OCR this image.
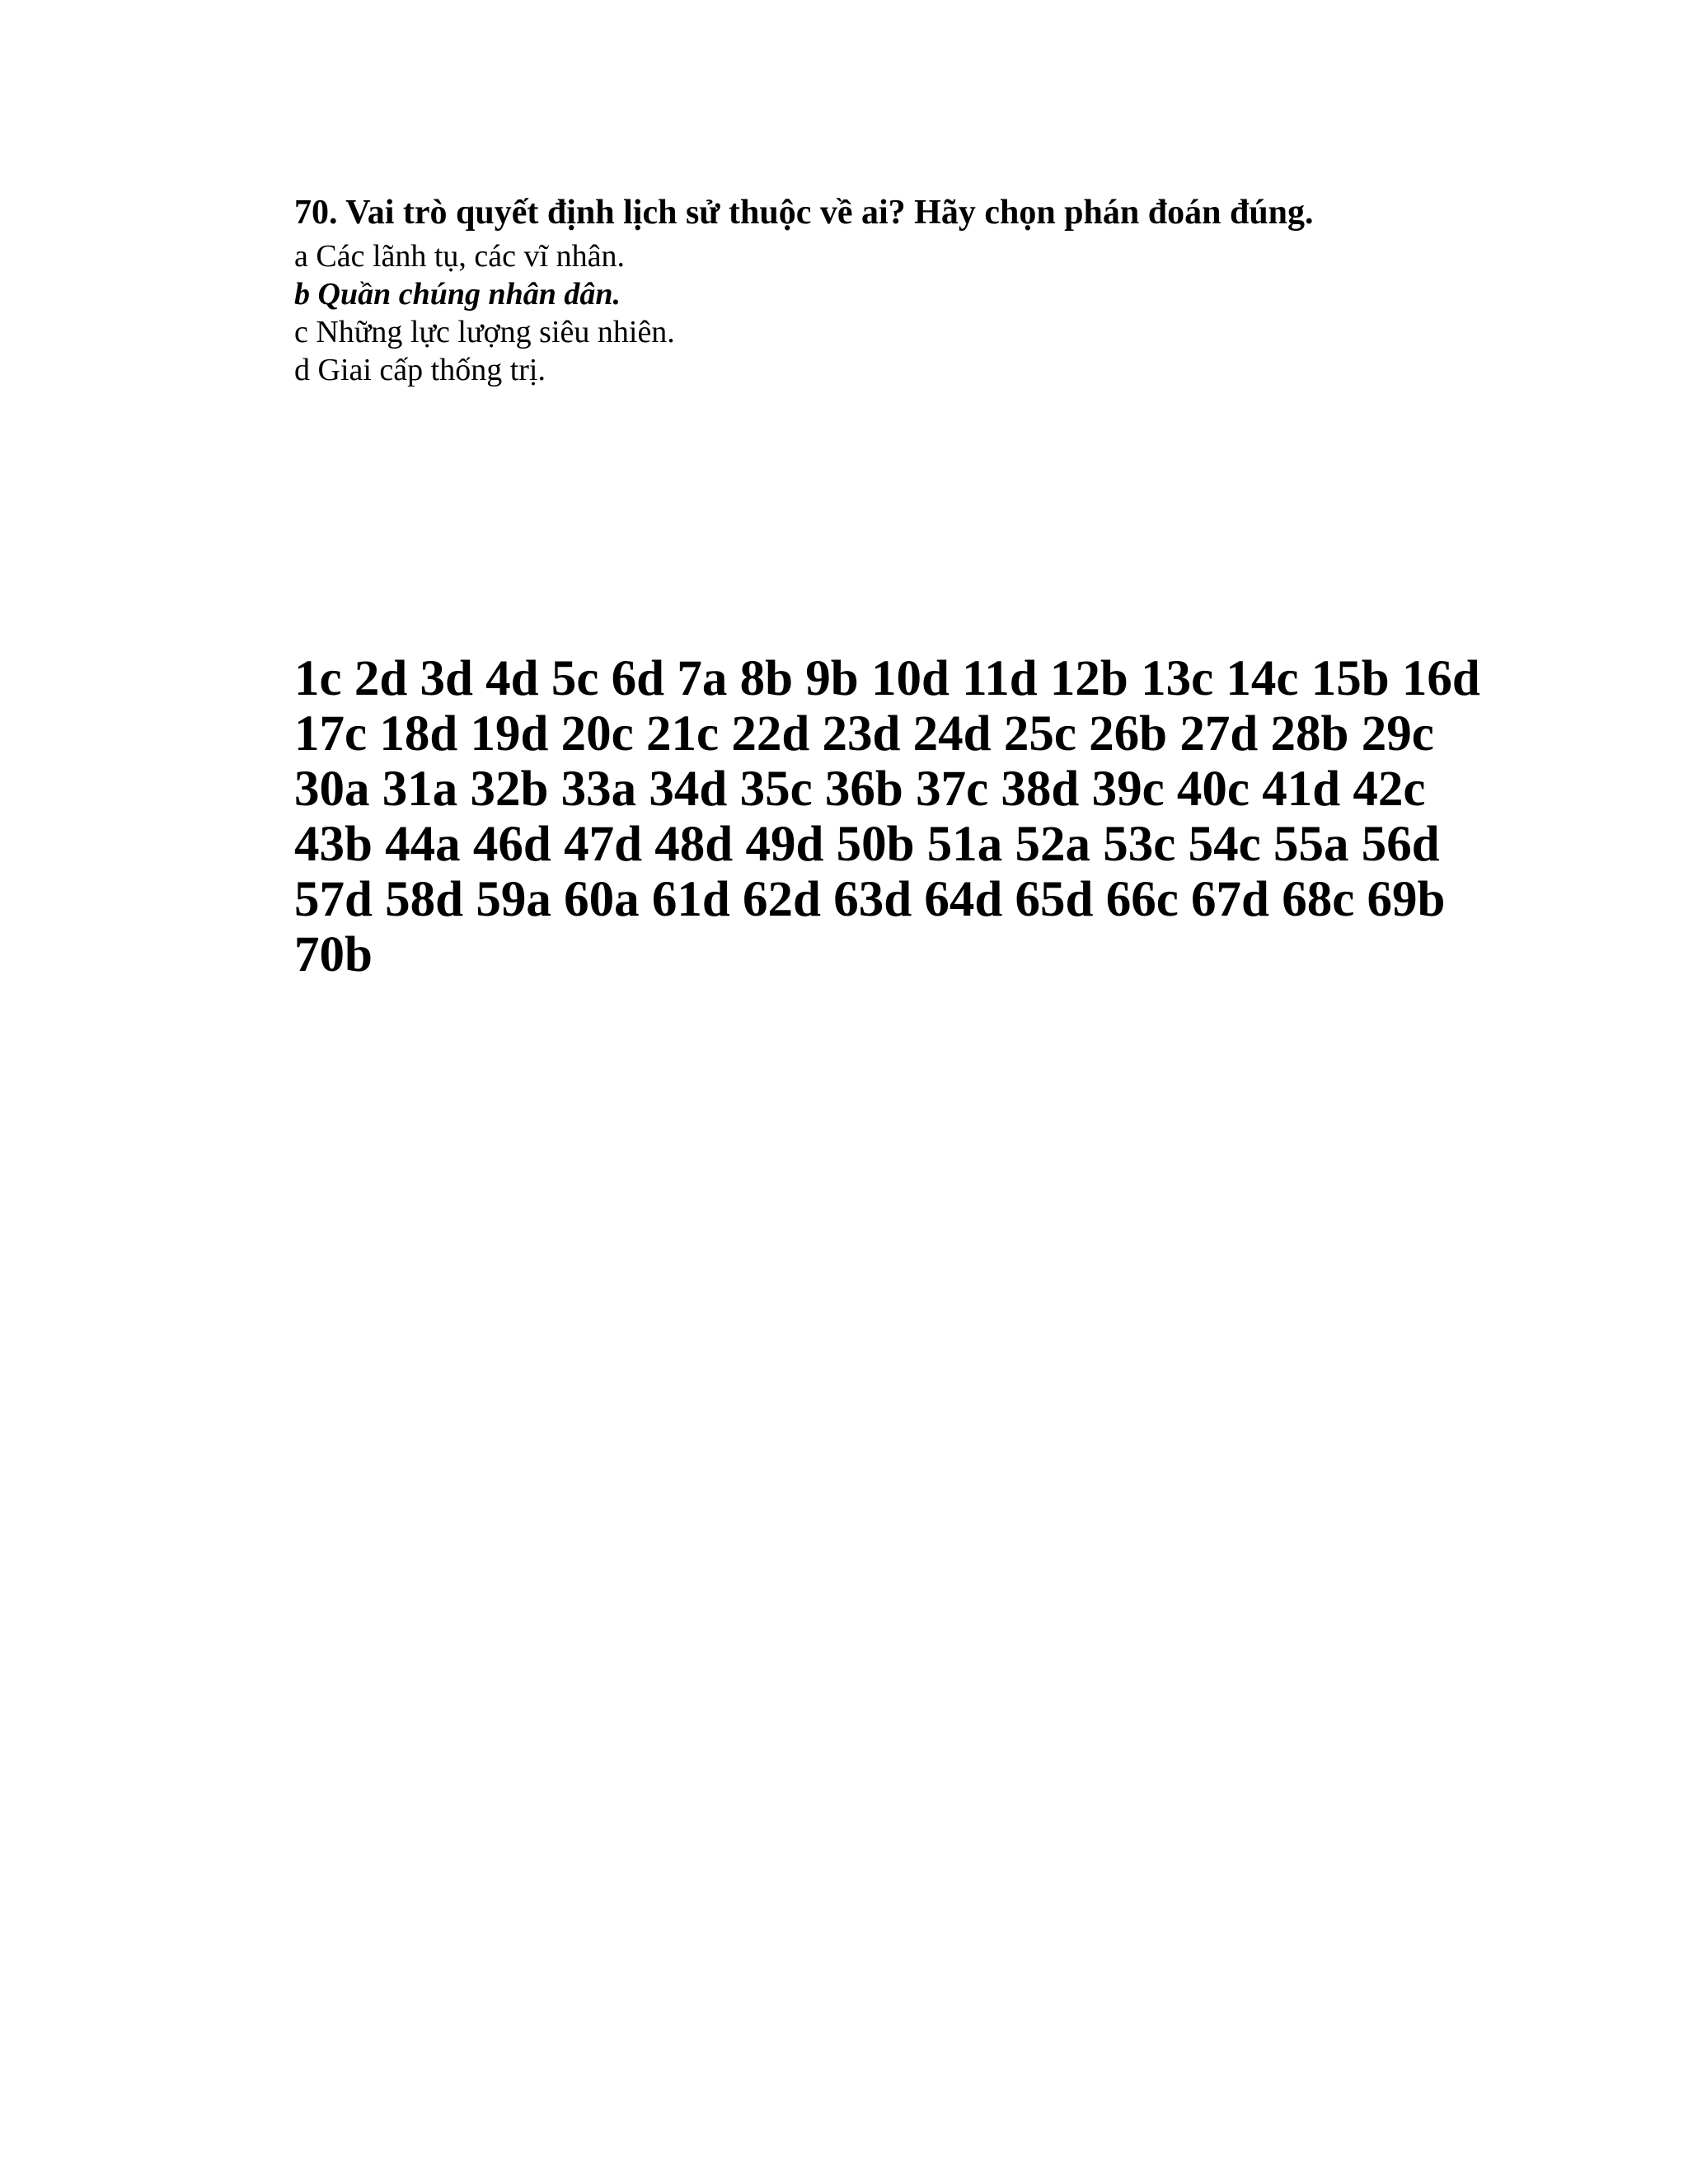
70. Vai trò quyết định lịch sử thuộc về ai? Hãy chọn phán đoán đúng.

a Các lãnh tụ, các vĩ nhân.

b Quần chúng nhân dân.

c Những lực lượng siêu nhiên.

d Giai cấp thống trị.

1c 2d 3d 4d 5c 6d 7a 8b 9b 10d 11d 12b 13c 14c 15b 16d

17c 18d 19d 20c 21c 22d 23d 24d 25c 26b 27d 28b 29c

30a 31a 32b 33a 34d 35c 36b 37c 38d 39c 40c 41d 42c

43b 44a 46d 47d 48d 49d 50b 51a 52a 53c 54c 55a 56d

57d 58d 59a 60a 61d 62d 63d 64d 65d 66c 67d 68c 69b

70b
